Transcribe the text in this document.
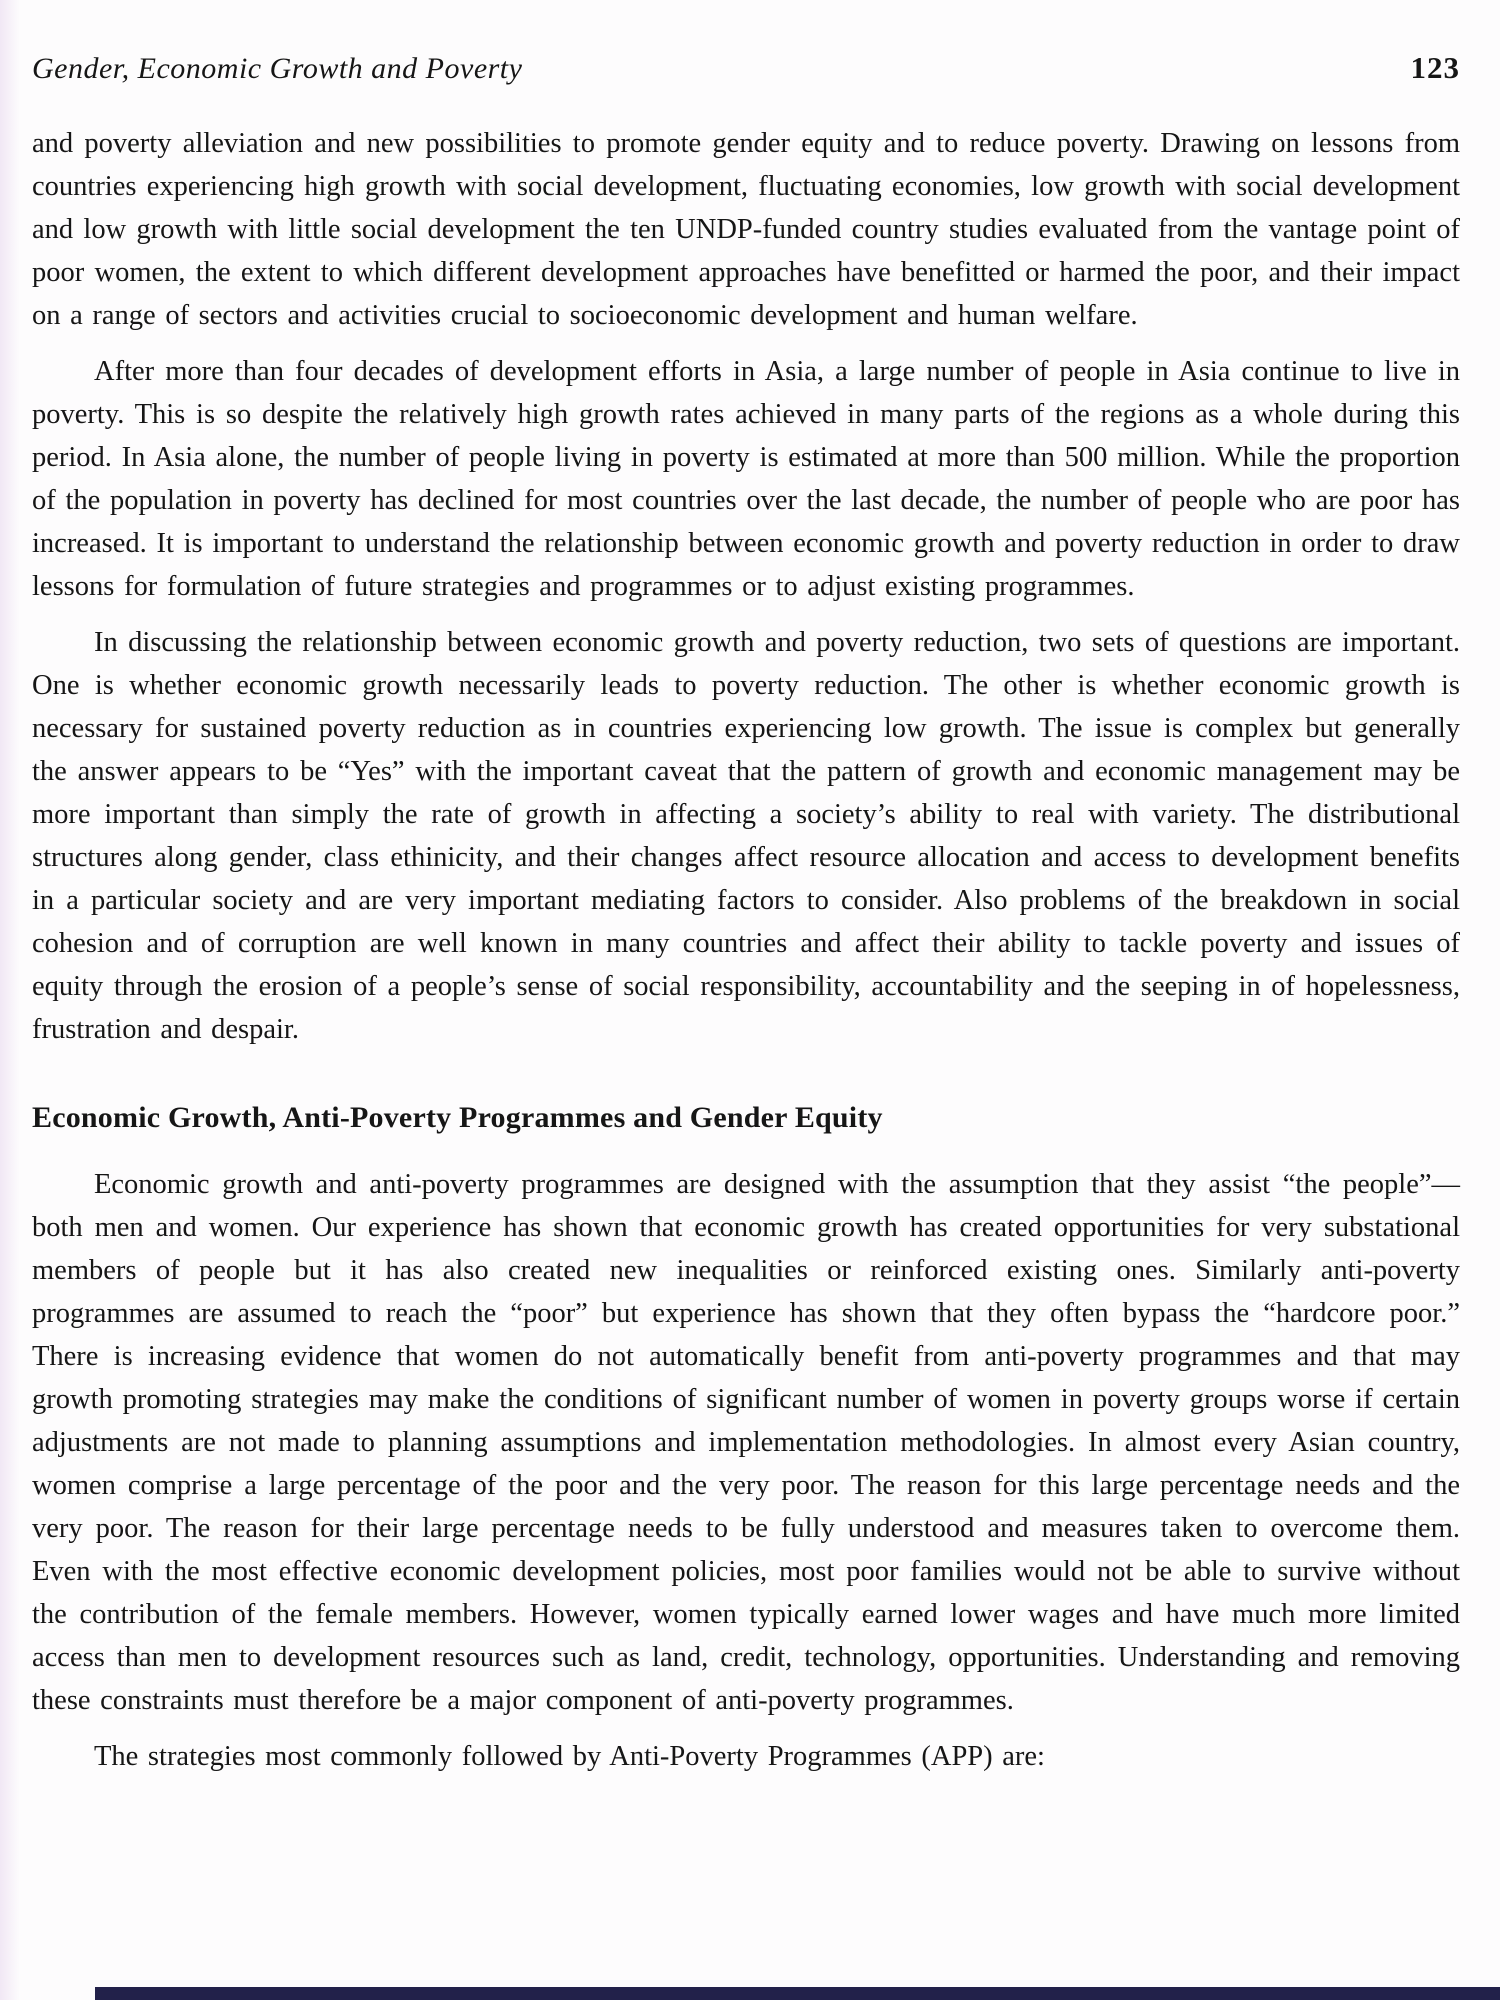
Gender, Economic Growth and Poverty	123

and poverty alleviation and new possibilities to promote gender equity and to reduce poverty. Drawing on lessons from countries experiencing high growth with social development, fluctuating economies, low growth with social development and low growth with little social development the ten UNDP-funded country studies evaluated from the vantage point of poor women, the extent to which different development approaches have benefitted or harmed the poor, and their impact on a range of sectors and activities crucial to socioeconomic development and human welfare.

After more than four decades of development efforts in Asia, a large number of people in Asia continue to live in poverty. This is so despite the relatively high growth rates achieved in many parts of the regions as a whole during this period. In Asia alone, the number of people living in poverty is estimated at more than 500 million. While the proportion of the population in poverty has declined for most countries over the last decade, the number of people who are poor has increased. It is important to understand the relationship between economic growth and poverty reduction in order to draw lessons for formulation of future strategies and programmes or to adjust existing programmes.

In discussing the relationship between economic growth and poverty reduction, two sets of questions are important. One is whether economic growth necessarily leads to poverty reduction. The other is whether economic growth is necessary for sustained poverty reduction as in countries experiencing low growth. The issue is complex but generally the answer appears to be “Yes” with the important caveat that the pattern of growth and economic management may be more important than simply the rate of growth in affecting a society’s ability to real with variety. The distributional structures along gender, class ethinicity, and their changes affect resource allocation and access to development benefits in a particular society and are very important mediating factors to consider. Also problems of the breakdown in social cohesion and of corruption are well known in many countries and affect their ability to tackle poverty and issues of equity through the erosion of a people’s sense of social responsibility, accountability and the seeping in of hopelessness, frustration and despair.

Economic Growth, Anti-Poverty Programmes and Gender Equity

Economic growth and anti-poverty programmes are designed with the assumption that they assist “the people”— both men and women. Our experience has shown that economic growth has created opportunities for very substational members of people but it has also created new inequalities or reinforced existing ones. Similarly anti-poverty programmes are assumed to reach the “poor” but experience has shown that they often bypass the “hardcore poor.” There is increasing evidence that women do not automatically benefit from anti-poverty programmes and that may growth promoting strategies may make the conditions of significant number of women in poverty groups worse if certain adjustments are not made to planning assumptions and implementation methodologies. In almost every Asian country, women comprise a large percentage of the poor and the very poor. The reason for this large percentage needs and the very poor. The reason for their large percentage needs to be fully understood and measures taken to overcome them. Even with the most effective economic development policies, most poor families would not be able to survive without the contribution of the female members. However, women typically earned lower wages and have much more limited access than men to development resources such as land, credit, technology, opportunities. Understanding and removing these constraints must therefore be a major component of anti-poverty programmes.

The strategies most commonly followed by Anti-Poverty Programmes (APP) are:
